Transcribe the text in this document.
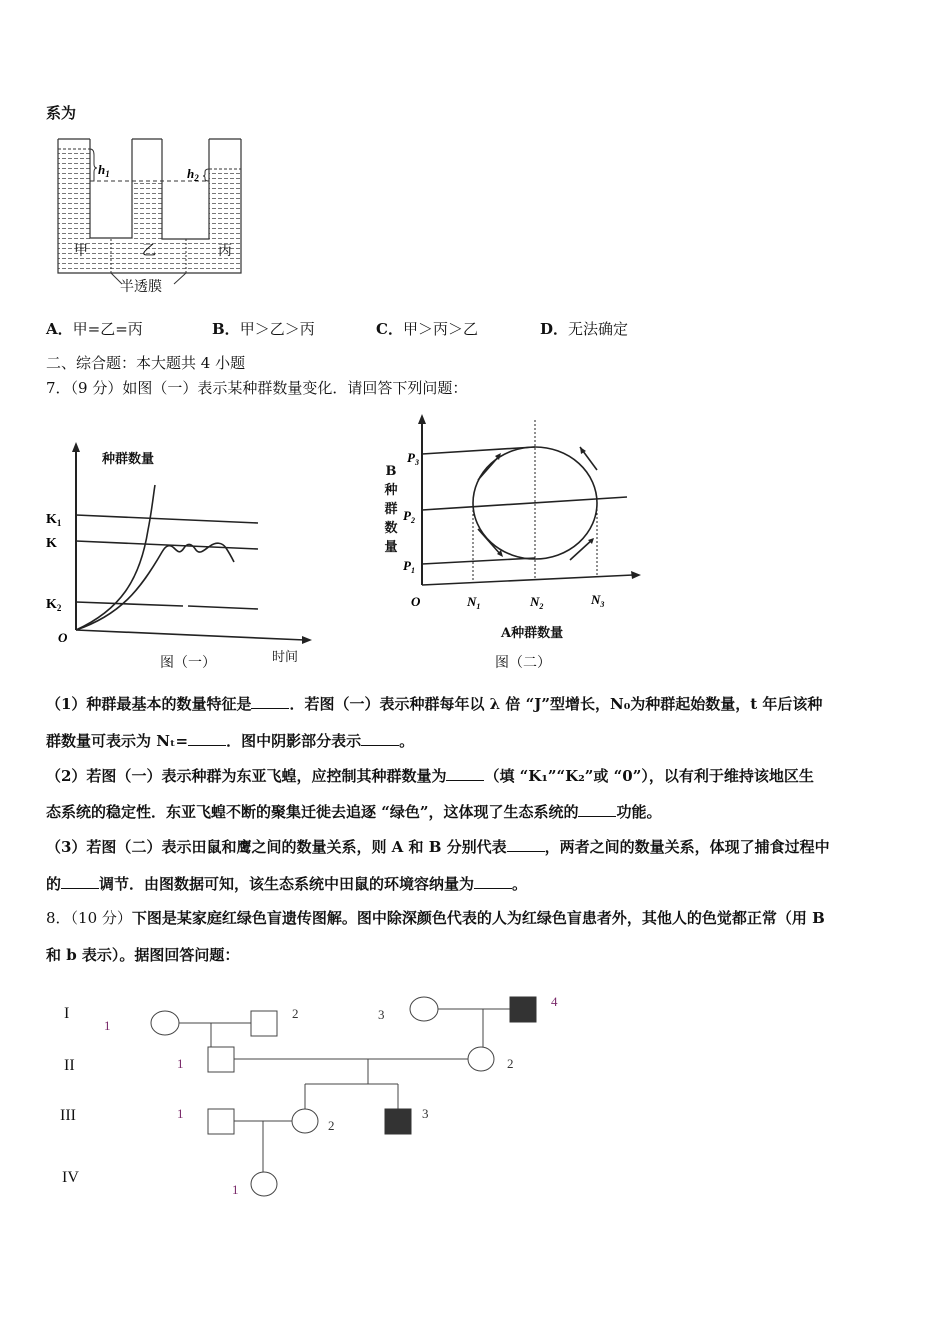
系为
$h_1$	$h_2$
甲	乙	丙
半透膜
A．甲=乙=丙	B．甲＞乙＞丙	C．甲＞丙＞乙	D．无法确定
二、综合题：本大题共 4 小题
7．（9 分）如图（一）表示某种群数量变化．请回答下列问题：
$K_1$
K
$K_2$
O
种群数量
时间
图（一）
$P_3$
$P_2$
$P_1$
O	$N_1$	$N_2$	$N_3$
B
种
群
数
量
A种群数量
图（二）
（1）种群最基本的数量特征是	．若图（一）表示种群每年以 λ 倍 “J”型增长，N₀为种群起始数量，t 年后该种
群数量可表示为 Nₜ=	．图中阴影部分表示	。
（2）若图（一）表示种群为东亚飞蝗，应控制其种群数量为	（填 “K₁”“K₂”或 “0”），以有利于维持该地区生
态系统的稳定性．东亚飞蝗不断的聚集迁徙去追逐 “绿色”，这体现了生态系统的	功能。
（3）若图（二）表示田鼠和鹰之间的数量关系，则 A 和 B 分别代表	，两者之间的数量关系，体现了捕食过程中
的	调节．由图数据可知，该生态系统中田鼠的环境容纳量为	。
8．（10 分）下图是某家庭红绿色盲遗传图解。图中除深颜色代表的人为红绿色盲患者外，其他人的色觉都正常（用 B
和 b 表示）。据图回答问题：
I
II
III
IV
1
2	3
4
1	2
1
2
3
1
